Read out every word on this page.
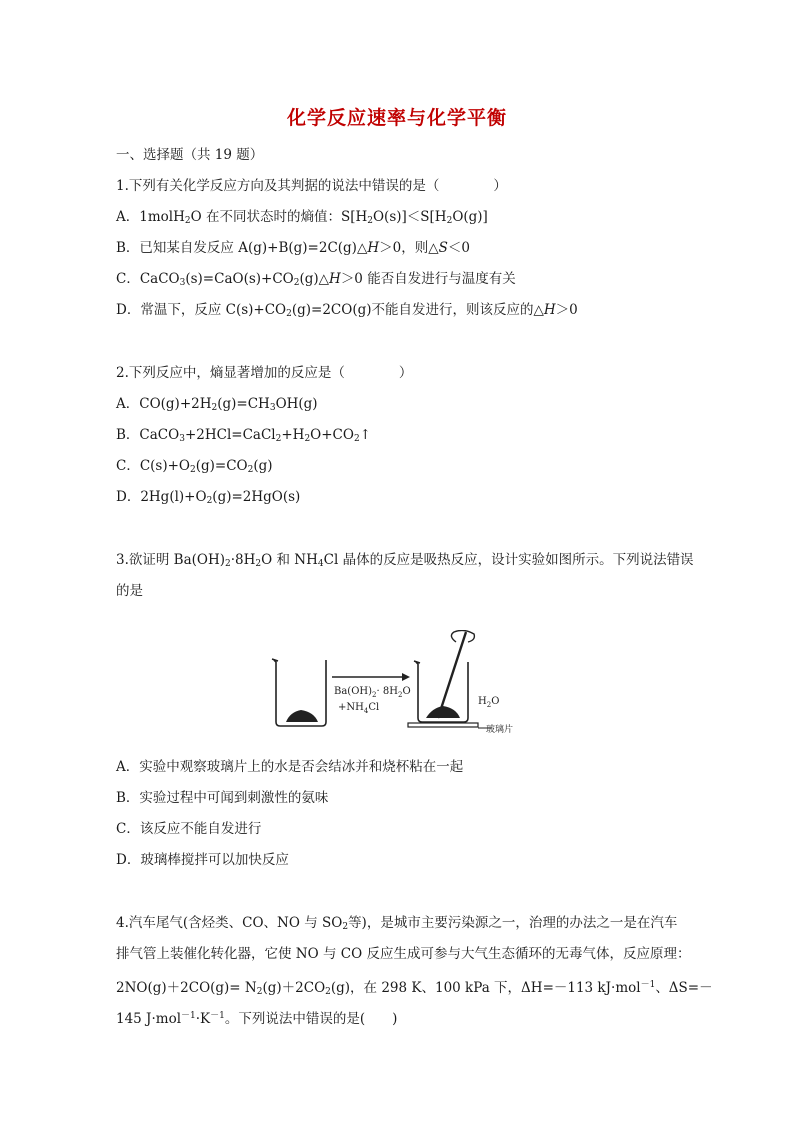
化学反应速率与化学平衡
一、选择题（共 19 题）
1.下列有关化学反应方向及其判据的说法中错误的是（　　　　）
A．1molH$_2$O 在不同状态时的熵值：$S[H_2O(s)]<S[H_2O(g)]$
B．已知某自发反应 A(g)+B(g)=2C(g)△H＞0，则△S＜0
C．$CaCO_3(s)=CaO(s)+CO_2(g)\triangle H>0$ 能否自发进行与温度有关
D．常温下，反应 $C(s)+CO_2(g)=2CO(g)$不能自发进行，则该反应的△H＞0
2.下列反应中，熵显著增加的反应是（　　　　）
A．$CO(g)+2H_2(g)=CH_3OH(g)$
B．$CaCO_3+2HCl=CaCl_2+H_2O+CO_2↑$
C．$C(s)+O_2(g)=CO_2(g)$
D．$2Hg(l)+O_2(g)=2HgO(s)$
3.欲证明 $Ba(OH)_2\cdot 8H_2O$ 和 $NH_4Cl$ 晶体的反应是吸热反应，设计实验如图所示。下列说法错误
的是
$Ba(OH)_2\cdot 8H_2O$
$+NH_4Cl$
$H_2O$
玻璃片
A．实验中观察玻璃片上的水是否会结冰并和烧杯粘在一起
B．实验过程中可闻到刺激性的氨味
C．该反应不能自发进行
D．玻璃棒搅拌可以加快反应
4.汽车尾气(含烃类、CO、NO 与 $SO_2$等)，是城市主要污染源之一，治理的办法之一是在汽车
排气管上装催化转化器，它使 NO 与 CO 反应生成可参与大气生态循环的无毒气体，反应原理：
$2NO(g)+2CO(g)= N_2(g)+2CO_2(g)$，在 298 K、100 kPa 下，ΔH=－113 kJ·mol$^{-1}$、ΔS=－
145 $J\cdot mol^{-1}\cdot K^{-1}$。下列说法中错误的是(　　)
